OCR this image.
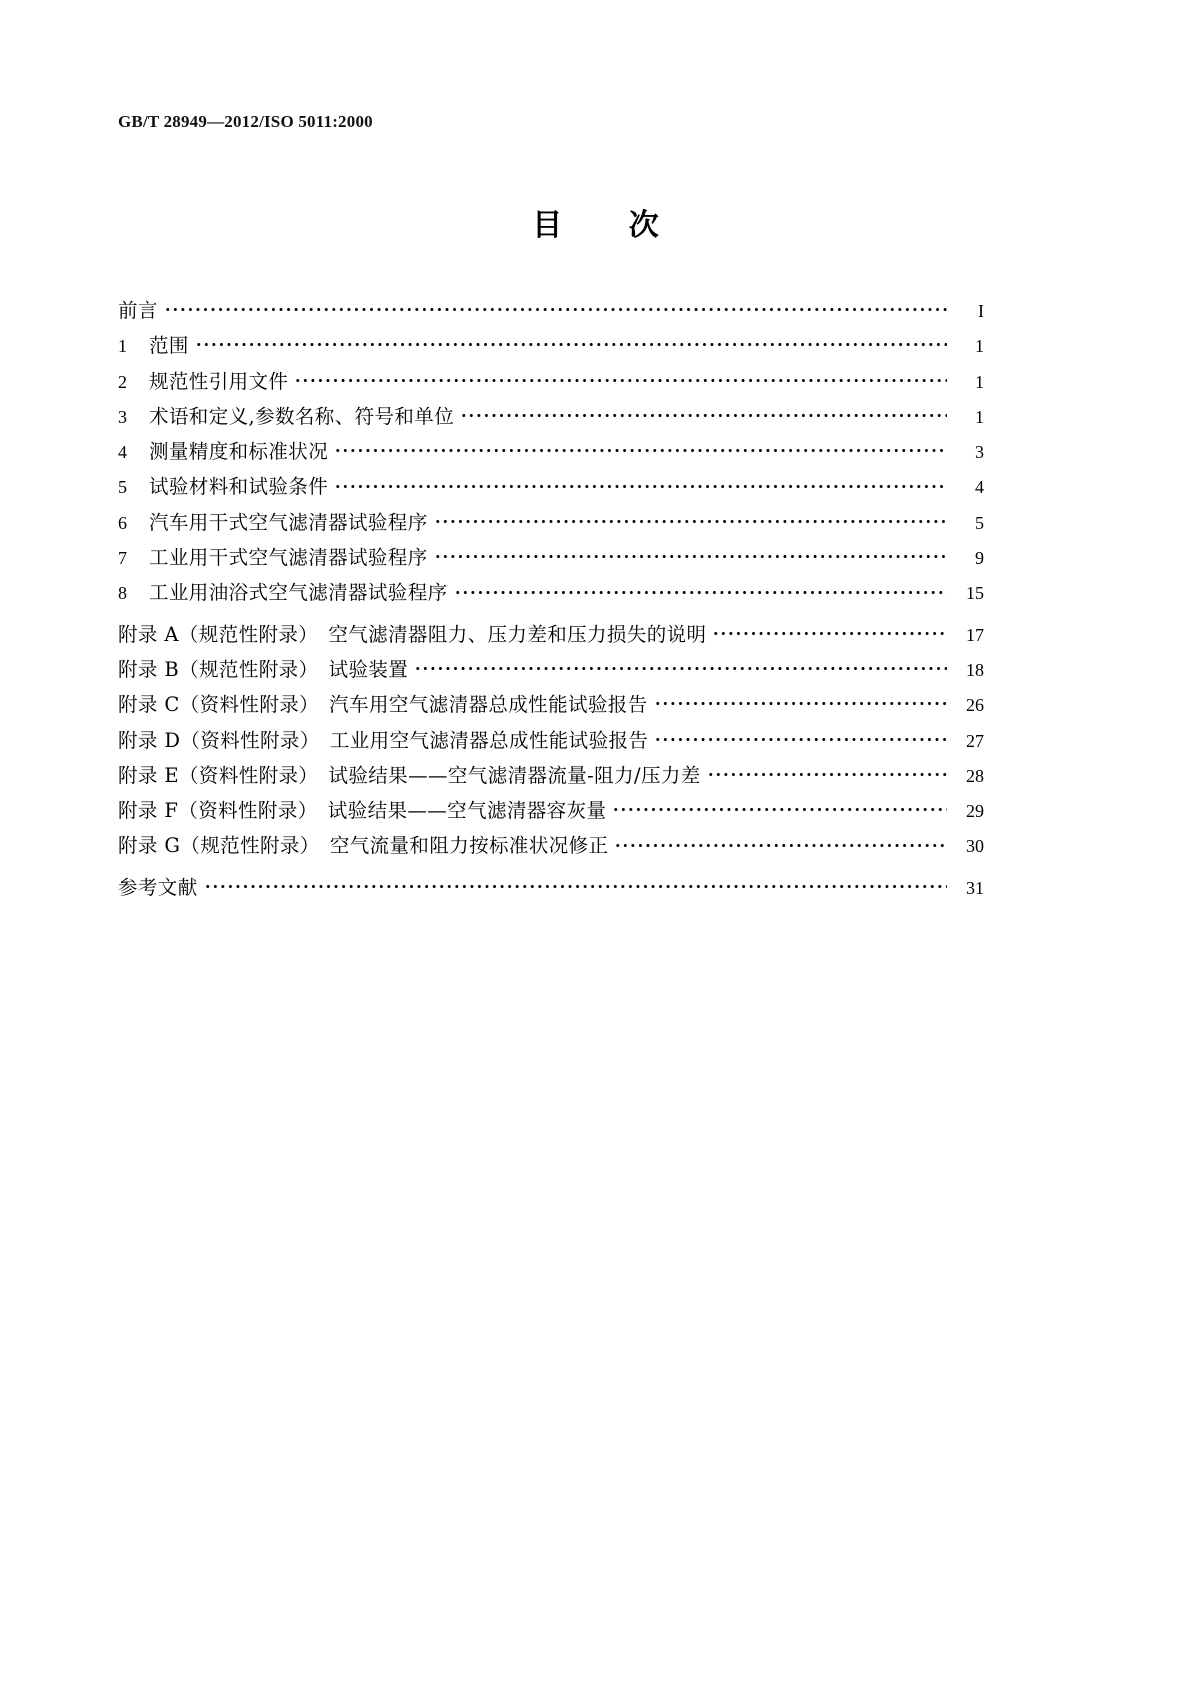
GB/T 28949—2012/ISO 5011:2000
目 次
前言	I
1	范围	1
2	规范性引用文件	1
3	术语和定义,参数名称、符号和单位	1
4	测量精度和标准状况	3
5	试验材料和试验条件	4
6	汽车用干式空气滤清器试验程序	5
7	工业用干式空气滤清器试验程序	9
8	工业用油浴式空气滤清器试验程序	15
附录 A（规范性附录）　空气滤清器阻力、压力差和压力损失的说明	17
附录 B（规范性附录）　试验装置	18
附录 C（资料性附录）　汽车用空气滤清器总成性能试验报告	26
附录 D（资料性附录）　工业用空气滤清器总成性能试验报告	27
附录 E（资料性附录）　试验结果——空气滤清器流量-阻力/压力差	28
附录 F（资料性附录）　试验结果——空气滤清器容灰量	29
附录 G（规范性附录）　空气流量和阻力按标准状况修正	30
参考文献	31
